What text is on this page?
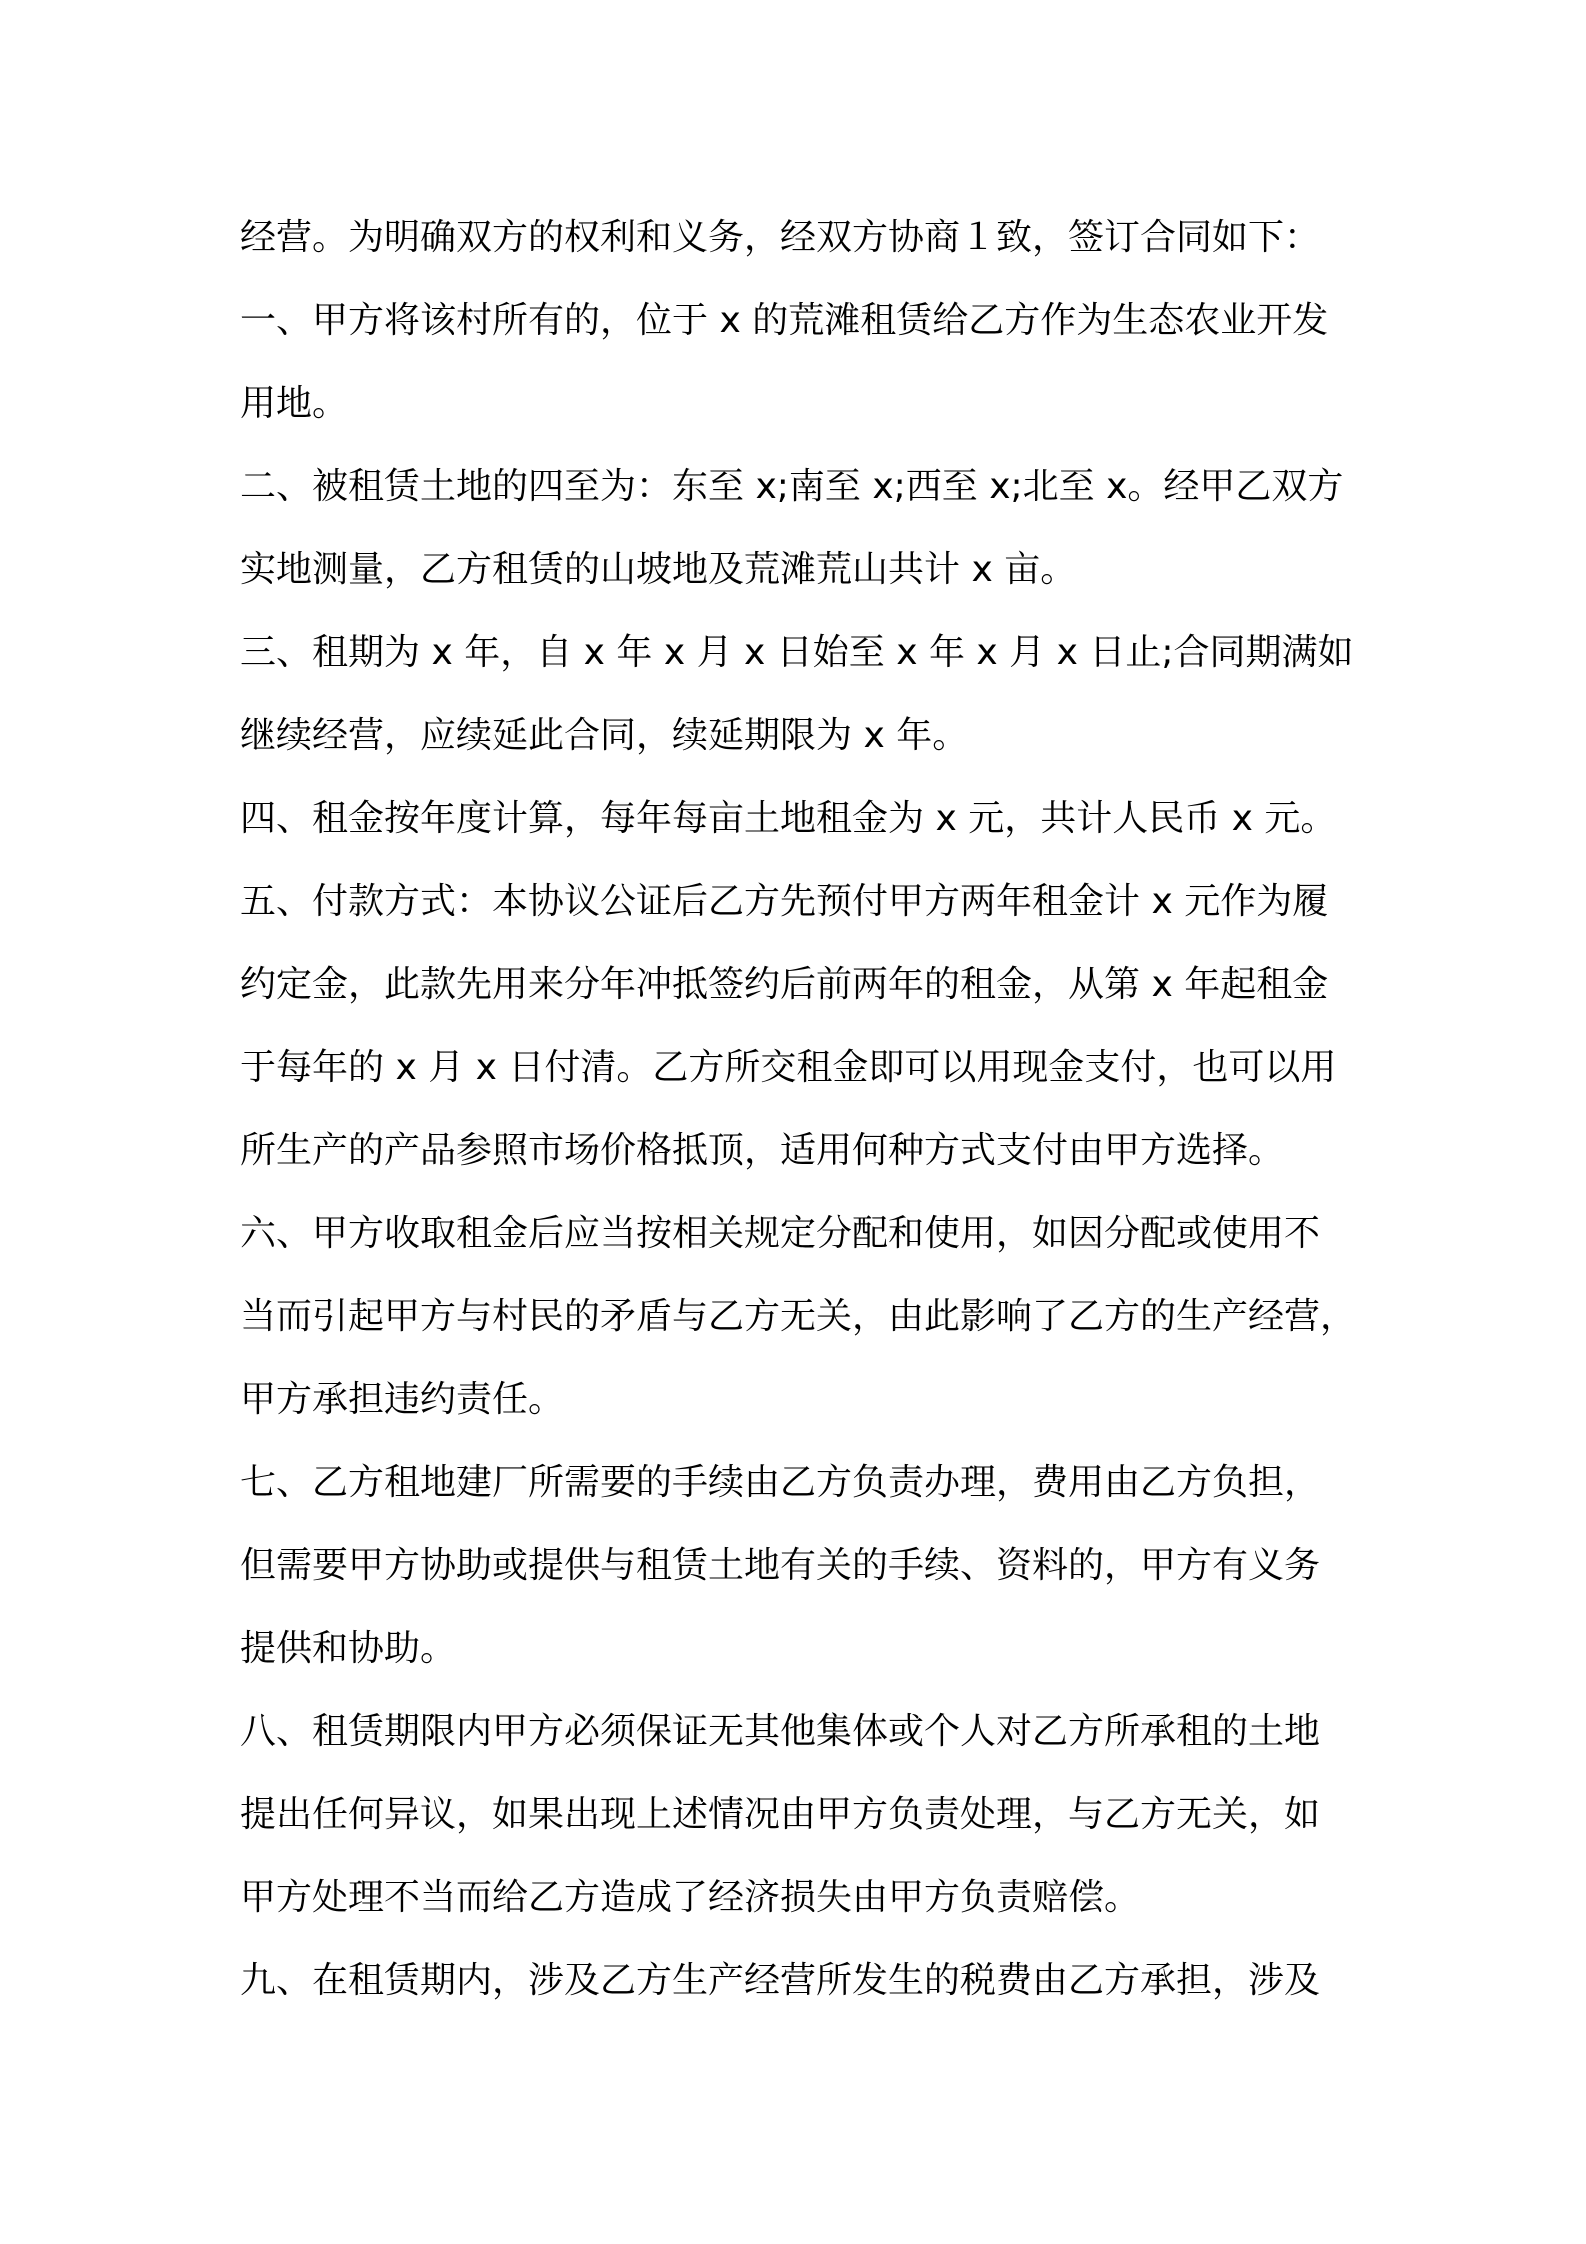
经营。为明确双方的权利和义务，经双方协商１致，签订合同如下：
一、甲方将该村所有的，位于 x 的荒滩租赁给乙方作为生态农业开发
用地。
二、被租赁土地的四至为：东至 x;南至 x;西至 x;北至 x。经甲乙双方
实地测量，乙方租赁的山坡地及荒滩荒山共计 x 亩。
三、租期为 x 年，自 x 年 x 月 x 日始至 x 年 x 月 x 日止;合同期满如
继续经营，应续延此合同，续延期限为 x 年。
四、租金按年度计算，每年每亩土地租金为 x 元，共计人民币 x 元。
五、付款方式：本协议公证后乙方先预付甲方两年租金计 x 元作为履
约定金，此款先用来分年冲抵签约后前两年的租金，从第 x 年起租金
于每年的 x 月 x 日付清。乙方所交租金即可以用现金支付，也可以用
所生产的产品参照市场价格抵顶，适用何种方式支付由甲方选择。
六、甲方收取租金后应当按相关规定分配和使用，如因分配或使用不
当而引起甲方与村民的矛盾与乙方无关，由此影响了乙方的生产经营，
甲方承担违约责任。
七、乙方租地建厂所需要的手续由乙方负责办理，费用由乙方负担，
但需要甲方协助或提供与租赁土地有关的手续、资料的，甲方有义务
提供和协助。
八、租赁期限内甲方必须保证无其他集体或个人对乙方所承租的土地
提出任何异议，如果出现上述情况由甲方负责处理，与乙方无关，如
甲方处理不当而给乙方造成了经济损失由甲方负责赔偿。
九、在租赁期内，涉及乙方生产经营所发生的税费由乙方承担，涉及
